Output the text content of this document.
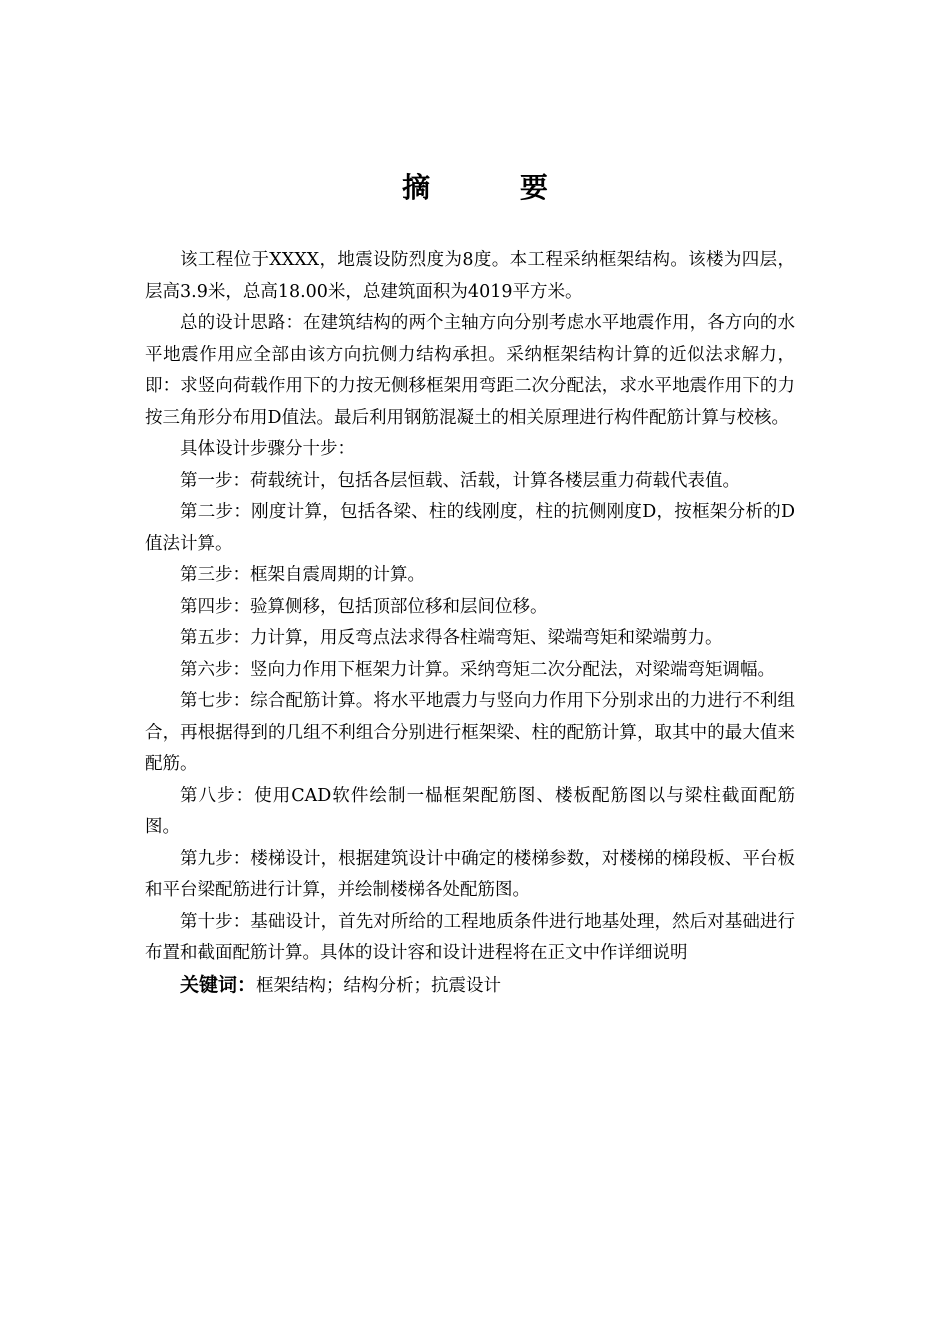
摘 要

该工程位于XXXX，地震设防烈度为8度。本工程采纳框架结构。该楼为四层，层高3.9米，总高18.00米，总建筑面积为4019平方米。

总的设计思路：在建筑结构的两个主轴方向分别考虑水平地震作用，各方向的水平地震作用应全部由该方向抗侧力结构承担。采纳框架结构计算的近似法求解力，即：求竖向荷载作用下的力按无侧移框架用弯距二次分配法，求水平地震作用下的力按三角形分布用D值法。最后利用钢筋混凝土的相关原理进行构件配筋计算与校核。

具体设计步骤分十步：

第一步：荷载统计，包括各层恒载、活载，计算各楼层重力荷载代表值。

第二步：刚度计算，包括各梁、柱的线刚度，柱的抗侧刚度D，按框架分析的D值法计算。

第三步：框架自震周期的计算。

第四步：验算侧移，包括顶部位移和层间位移。

第五步：力计算，用反弯点法求得各柱端弯矩、梁端弯矩和梁端剪力。

第六步：竖向力作用下框架力计算。采纳弯矩二次分配法，对梁端弯矩调幅。

第七步：综合配筋计算。将水平地震力与竖向力作用下分别求出的力进行不利组合，再根据得到的几组不利组合分别进行框架梁、柱的配筋计算，取其中的最大值来配筋。

第八步：使用CAD软件绘制一榀框架配筋图、楼板配筋图以与梁柱截面配筋图。

第九步：楼梯设计，根据建筑设计中确定的楼梯参数，对楼梯的梯段板、平台板和平台梁配筋进行计算，并绘制楼梯各处配筋图。

第十步：基础设计，首先对所给的工程地质条件进行地基处理，然后对基础进行布置和截面配筋计算。具体的设计容和设计进程将在正文中作详细说明

关键词：框架结构；结构分析；抗震设计
